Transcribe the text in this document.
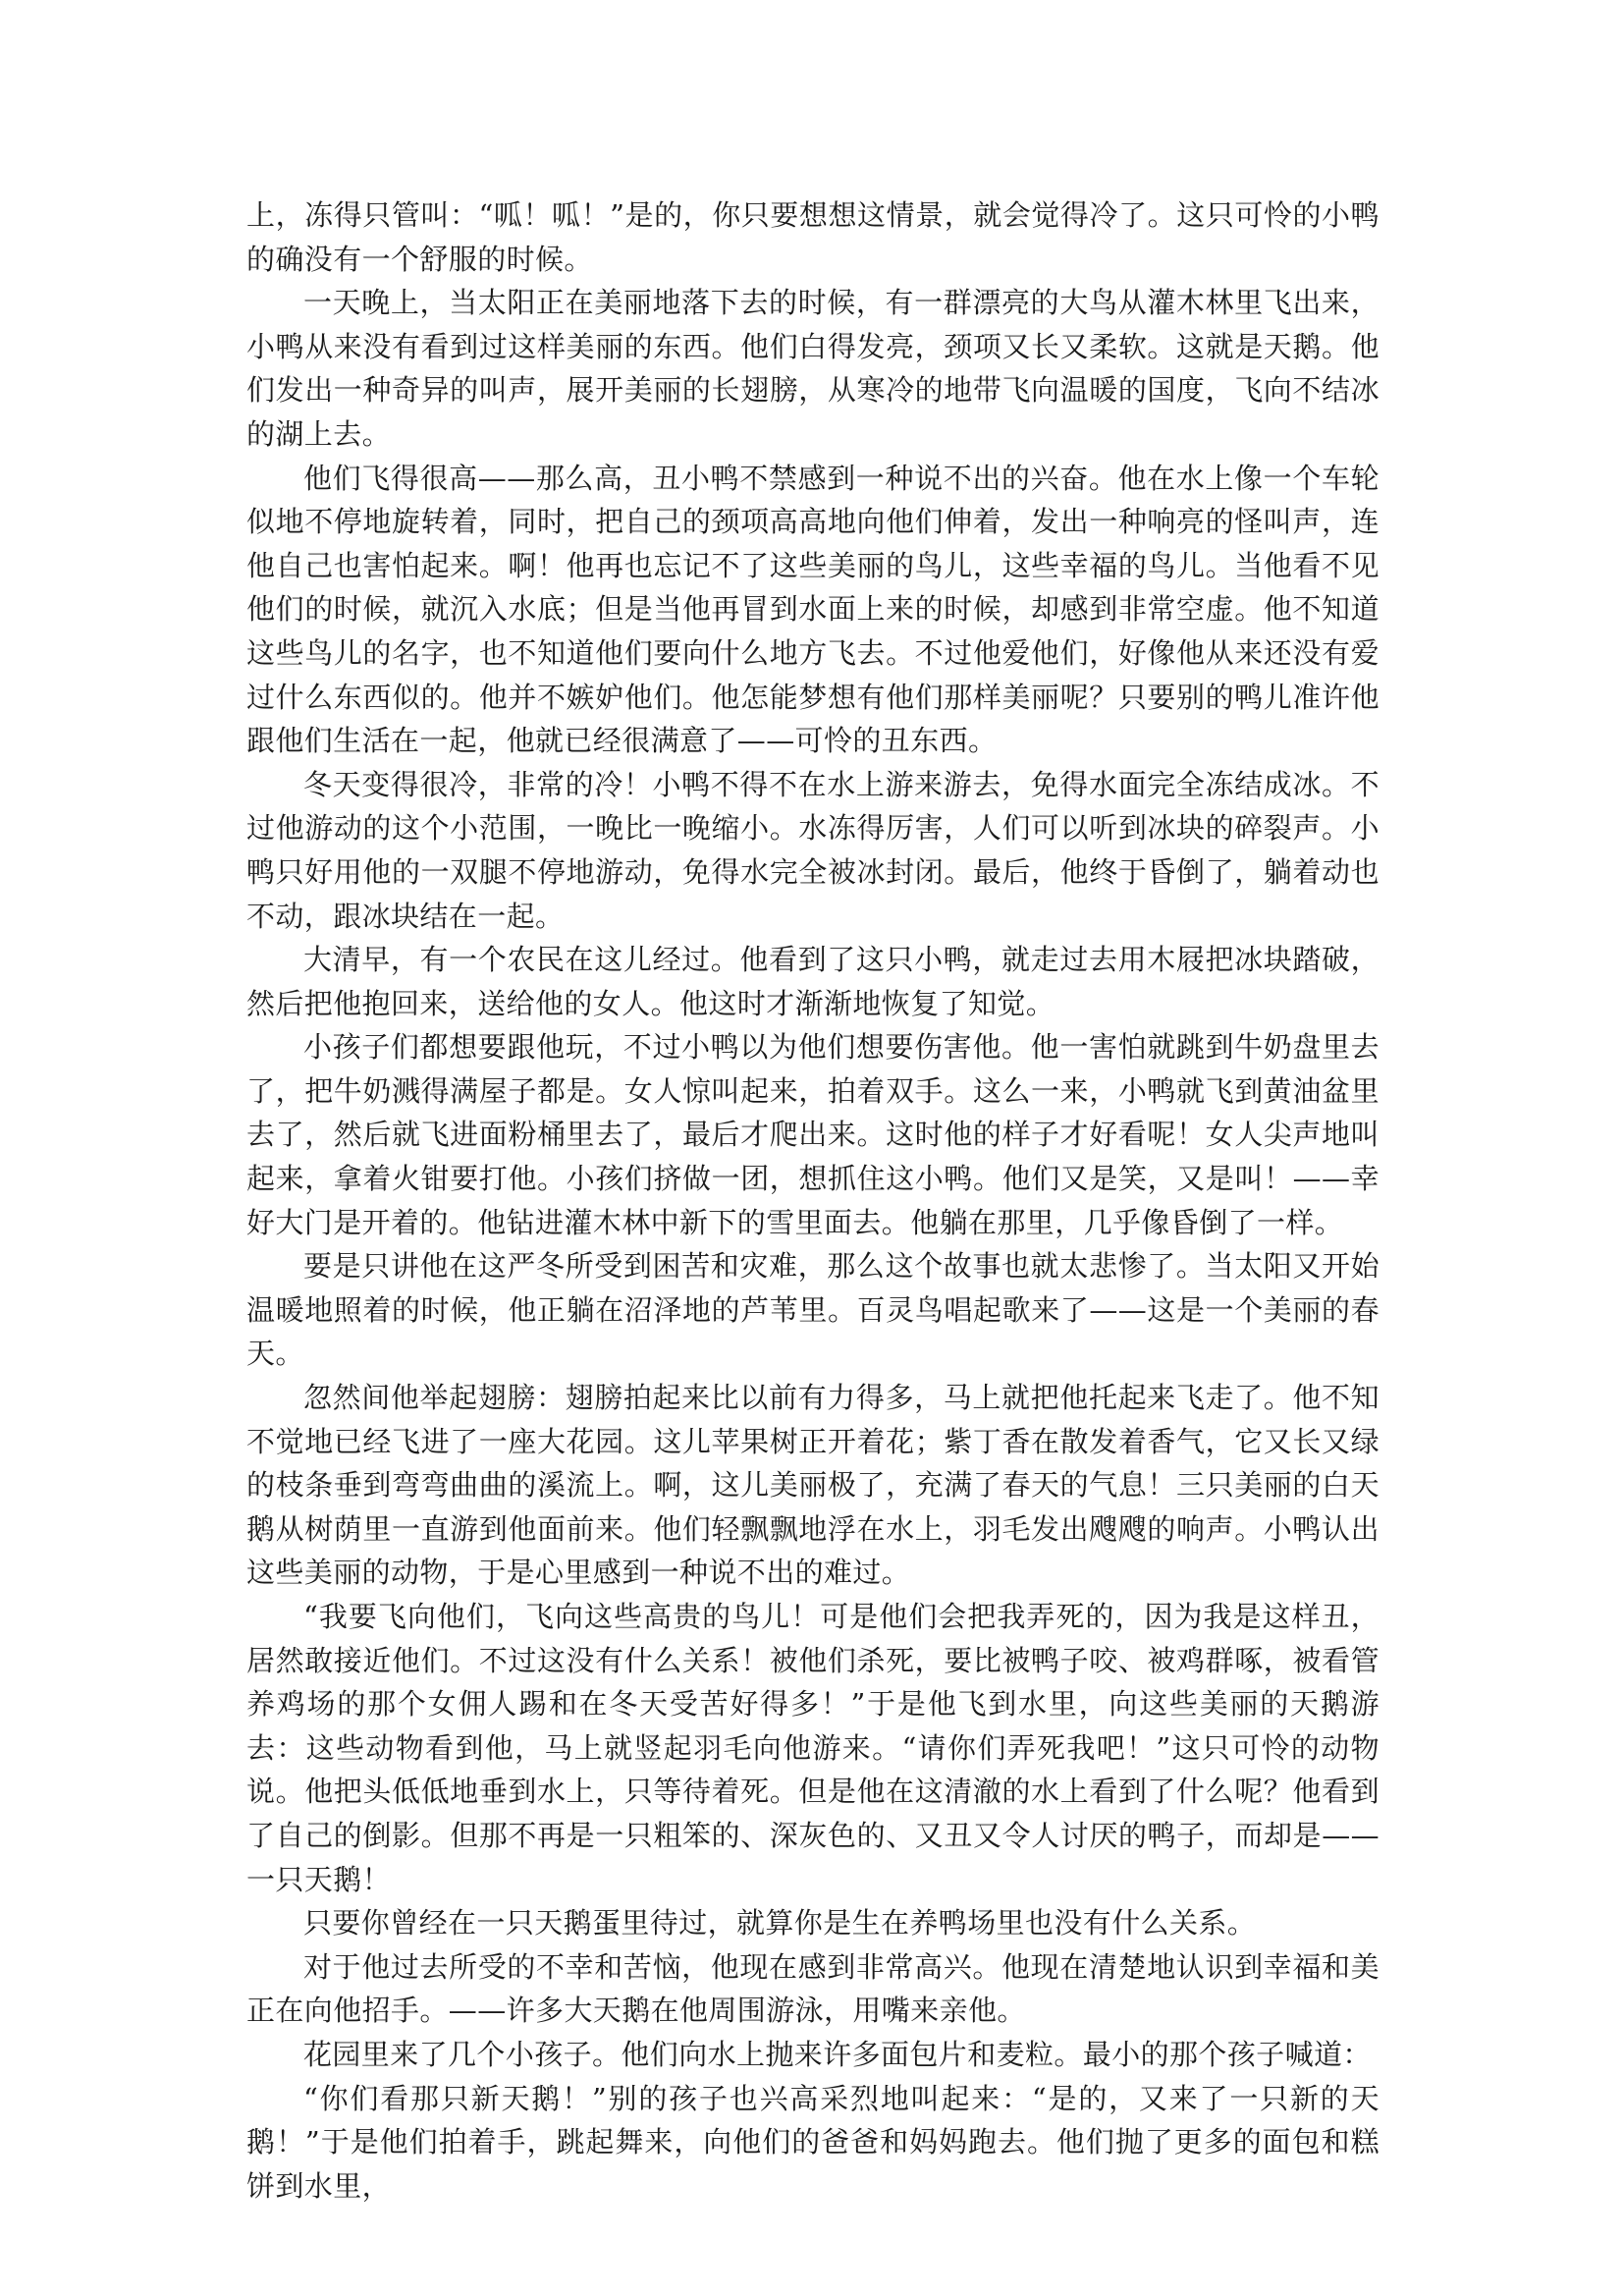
上，冻得只管叫：“呱！呱！”是的，你只要想想这情景，就会觉得冷了。这只可怜的小鸭的确没有一个舒服的时候。

一天晚上，当太阳正在美丽地落下去的时候，有一群漂亮的大鸟从灌木林里飞出来，小鸭从来没有看到过这样美丽的东西。他们白得发亮，颈项又长又柔软。这就是天鹅。他们发出一种奇异的叫声，展开美丽的长翅膀，从寒冷的地带飞向温暖的国度，飞向不结冰的湖上去。

他们飞得很高——那么高，丑小鸭不禁感到一种说不出的兴奋。他在水上像一个车轮似地不停地旋转着，同时，把自己的颈项高高地向他们伸着，发出一种响亮的怪叫声，连他自己也害怕起来。啊！他再也忘记不了这些美丽的鸟儿，这些幸福的鸟儿。当他看不见他们的时候，就沉入水底；但是当他再冒到水面上来的时候，却感到非常空虚。他不知道这些鸟儿的名字，也不知道他们要向什么地方飞去。不过他爱他们，好像他从来还没有爱过什么东西似的。他并不嫉妒他们。他怎能梦想有他们那样美丽呢？只要别的鸭儿准许他跟他们生活在一起，他就已经很满意了——可怜的丑东西。

冬天变得很冷，非常的冷！小鸭不得不在水上游来游去，免得水面完全冻结成冰。不过他游动的这个小范围，一晚比一晚缩小。水冻得厉害，人们可以听到冰块的碎裂声。小鸭只好用他的一双腿不停地游动，免得水完全被冰封闭。最后，他终于昏倒了，躺着动也不动，跟冰块结在一起。

大清早，有一个农民在这儿经过。他看到了这只小鸭，就走过去用木屐把冰块踏破，然后把他抱回来，送给他的女人。他这时才渐渐地恢复了知觉。

小孩子们都想要跟他玩，不过小鸭以为他们想要伤害他。他一害怕就跳到牛奶盘里去了，把牛奶溅得满屋子都是。女人惊叫起来，拍着双手。这么一来，小鸭就飞到黄油盆里去了，然后就飞进面粉桶里去了，最后才爬出来。这时他的样子才好看呢！女人尖声地叫起来，拿着火钳要打他。小孩们挤做一团，想抓住这小鸭。他们又是笑，又是叫！——幸好大门是开着的。他钻进灌木林中新下的雪里面去。他躺在那里，几乎像昏倒了一样。

要是只讲他在这严冬所受到困苦和灾难，那么这个故事也就太悲惨了。当太阳又开始温暖地照着的时候，他正躺在沼泽地的芦苇里。百灵鸟唱起歌来了——这是一个美丽的春天。

忽然间他举起翅膀：翅膀拍起来比以前有力得多，马上就把他托起来飞走了。他不知不觉地已经飞进了一座大花园。这儿苹果树正开着花；紫丁香在散发着香气，它又长又绿的枝条垂到弯弯曲曲的溪流上。啊，这儿美丽极了，充满了春天的气息！三只美丽的白天鹅从树荫里一直游到他面前来。他们轻飘飘地浮在水上，羽毛发出飕飕的响声。小鸭认出这些美丽的动物，于是心里感到一种说不出的难过。

“我要飞向他们，飞向这些高贵的鸟儿！可是他们会把我弄死的，因为我是这样丑，居然敢接近他们。不过这没有什么关系！被他们杀死，要比被鸭子咬、被鸡群啄，被看管养鸡场的那个女佣人踢和在冬天受苦好得多！”于是他飞到水里，向这些美丽的天鹅游去：这些动物看到他，马上就竖起羽毛向他游来。“请你们弄死我吧！”这只可怜的动物说。他把头低低地垂到水上，只等待着死。但是他在这清澈的水上看到了什么呢？他看到了自己的倒影。但那不再是一只粗笨的、深灰色的、又丑又令人讨厌的鸭子，而却是——一只天鹅！

只要你曾经在一只天鹅蛋里待过，就算你是生在养鸭场里也没有什么关系。

对于他过去所受的不幸和苦恼，他现在感到非常高兴。他现在清楚地认识到幸福和美正在向他招手。——许多大天鹅在他周围游泳，用嘴来亲他。

花园里来了几个小孩子。他们向水上抛来许多面包片和麦粒。最小的那个孩子喊道：

“你们看那只新天鹅！”别的孩子也兴高采烈地叫起来：“是的，又来了一只新的天鹅！”于是他们拍着手，跳起舞来，向他们的爸爸和妈妈跑去。他们抛了更多的面包和糕饼到水里，
